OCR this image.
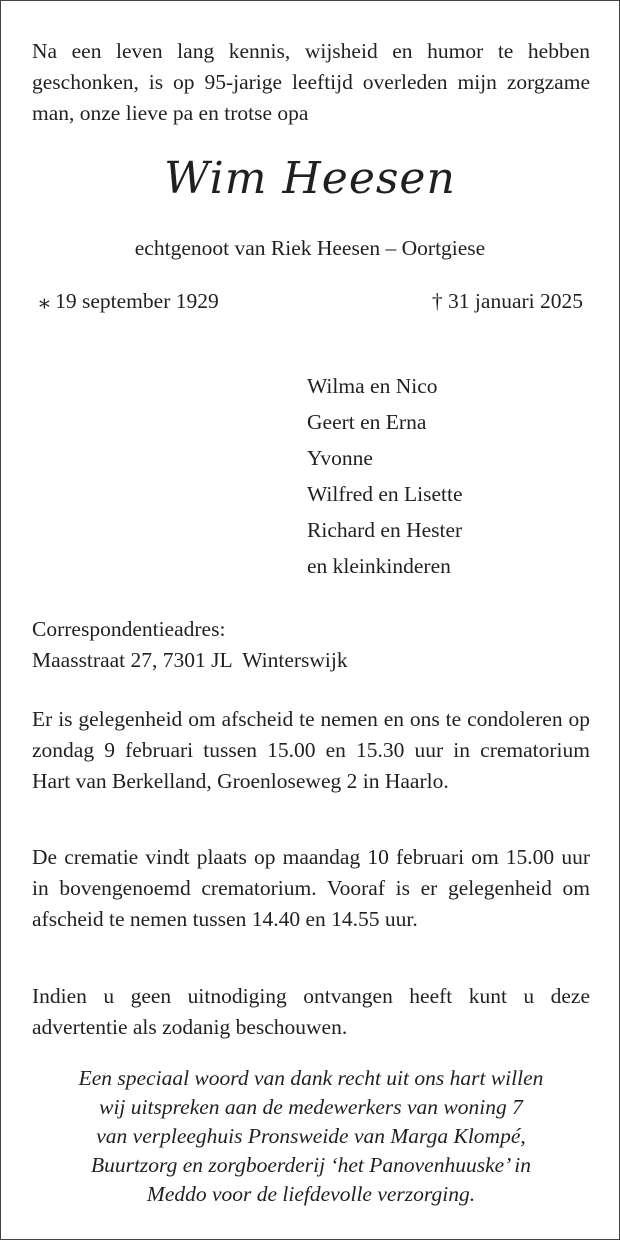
Na een leven lang kennis, wijsheid en humor te hebben geschonken, is op 95-jarige leeftijd overleden mijn zorgzame man, onze lieve pa en trotse opa
Wim Heesen
echtgenoot van Riek Heesen – Oortgiese
⁎ 19 september 1929	† 31 januari 2025
Wilma en Nico
Geert en Erna
Yvonne
Wilfred en Lisette
Richard en Hester
en kleinkinderen
Correspondentieadres:
Maasstraat 27, 7301 JL  Winterswijk
Er is gelegenheid om afscheid te nemen en ons te condoleren op zondag 9 februari tussen 15.00 en 15.30 uur in crematorium Hart van Berkelland, Groenloseweg 2 in Haarlo.
De crematie vindt plaats op maandag 10 februari om 15.00 uur in bovengenoemd crematorium. Vooraf is er gelegenheid om afscheid te nemen tussen 14.40 en 14.55 uur.
Indien u geen uitnodiging ontvangen heeft kunt u deze advertentie als zodanig beschouwen.
Een speciaal woord van dank recht uit ons hart willen
wij uitspreken aan de medewerkers van woning 7
van verpleeghuis Pronsweide van Marga Klompé,
Buurtzorg en zorgboerderij ‘het Panovenhuuske’ in
Meddo voor de liefdevolle verzorging.
